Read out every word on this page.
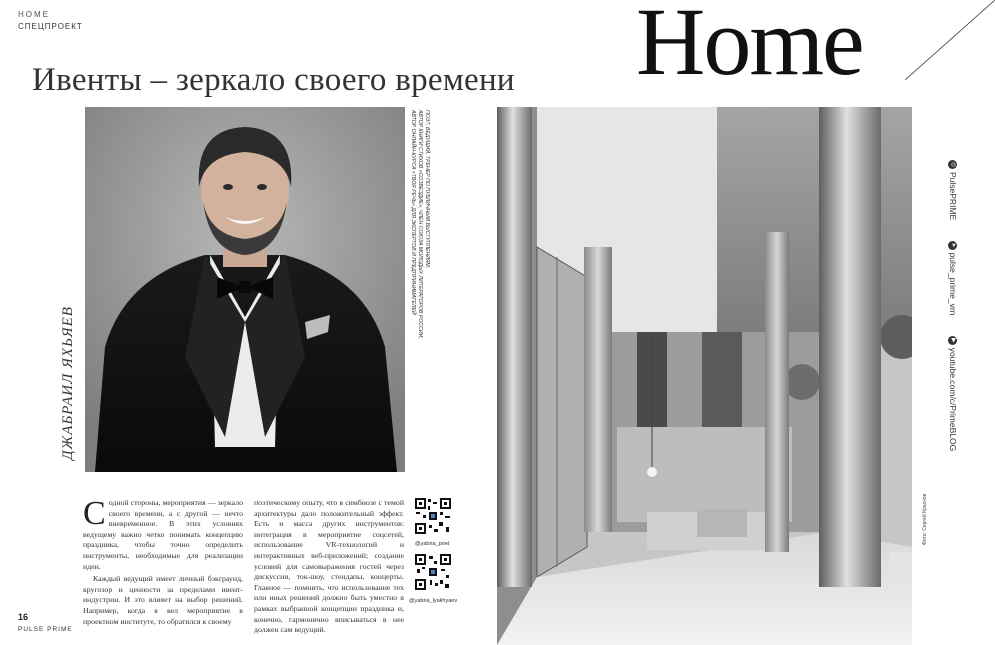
HOME
СПЕЦПРОЕКТ
Ивенты – зеркало своего времени
ДЖАБРАИЛ ЯХЬЯЕВ
ПОЭТ, ВЕДУЩИЙ, ТРЕНЕР ПО ПУБЛИЧНЫМ ВЫСТУПЛЕНИЯМ,
АВТОР КНИГИ СТИХОВ «СОЗВЕЗДИЕ», ЧЛЕН СОЮЗА МОЛОДЫХ ЛИТЕРАТОРОВ РОССИИ,
АВТОР ОНЛАЙН-КУРСА «ТВОЯ РЕЧЬ» ДЛЯ ЭКСПЕРТОВ И ПРЕДПРИНИМАТЕЛЕЙ

Содной стороны, мероприятия — зеркало своего времени, а с другой — нечто вневременное. В этих условиях ведущему важно четко понимать концепцию праздника, чтобы точно определить инструменты, необходимые для реализации идеи.

Каждый ведущий имеет личный бэкграунд, кругозор и ценности за пределами ивент-индустрии. И это влияет на выбор решений. Например, когда я вел мероприятие в проектном институте, то обратился к своему

поэтическому опыту, что в симбиозе с темой архитектуры дало положительный эффект. Есть и масса других инструментов: интеграция в мероприятие соцсетей, использование VR-технологий и интерактивных веб-приложений; создание условий для самовыражения гостей через дискуссии, ток-шоу, стендапы, концерты. Главное — помнить, что использование тех или иных решений должно быть уместно в рамках выбранной концепции праздника и, конечно, гармонично вписываться в нее должен сам ведущий.

@yabria_poet
@yabria_lyakhyaev
16
PULSE PRIME
Home
◎PulsePRIME ➤pulse_prime_vrn ▶youtube.com/c/PrimeBLOG
Фото: Сергей Краснов
